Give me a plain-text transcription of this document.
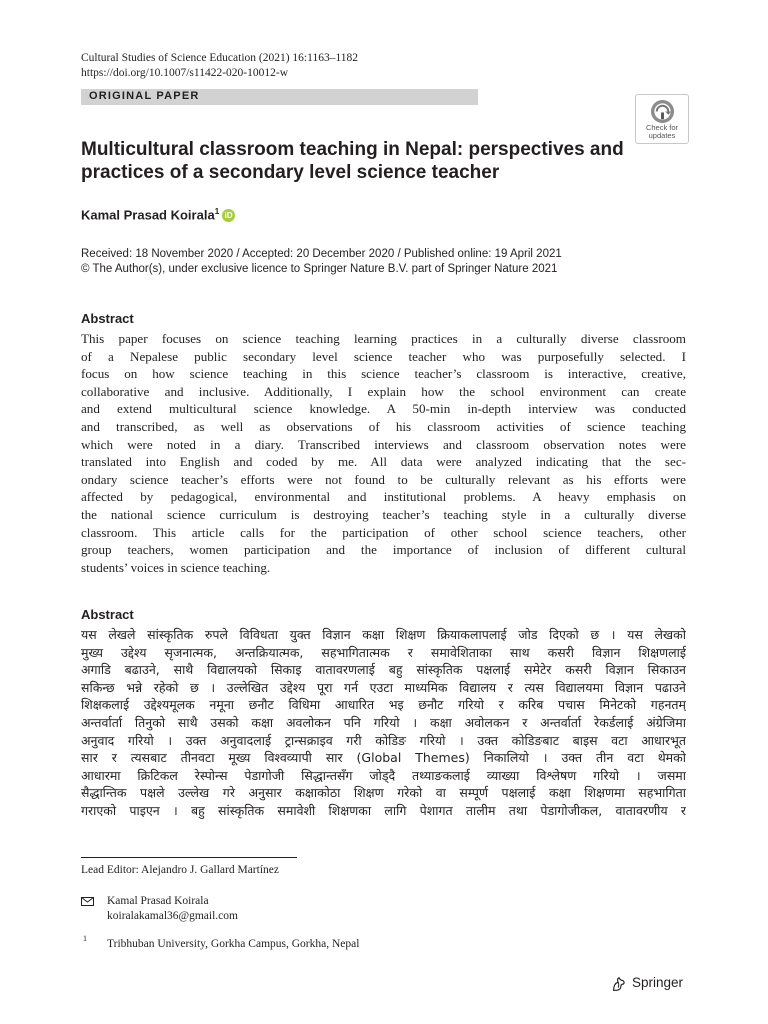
Cultural Studies of Science Education (2021) 16:1163–1182
https://doi.org/10.1007/s11422-020-10012-w
ORIGINAL PAPER
Check for
updates
Multicultural classroom teaching in Nepal: perspectives and practices of a secondary level science teacher
Kamal Prasad Koirala$^1$ iD
Received: 18 November 2020 / Accepted: 20 December 2020 / Published online: 19 April 2021
© The Author(s), under exclusive licence to Springer Nature B.V. part of Springer Nature 2021
Abstract
This paper focuses on science teaching learning practices in a culturally diverse classroom
of a Nepalese public secondary level science teacher who was purposefully selected. I
focus on how science teaching in this science teacher’s classroom is interactive, creative,
collaborative and inclusive. Additionally, I explain how the school environment can create
and extend multicultural science knowledge. A 50-min in-depth interview was conducted
and transcribed, as well as observations of his classroom activities of science teaching
which were noted in a diary. Transcribed interviews and classroom observation notes were
translated into English and coded by me. All data were analyzed indicating that the sec-
ondary science teacher’s efforts were not found to be culturally relevant as his efforts were
affected by pedagogical, environmental and institutional problems. A heavy emphasis on
the national science curriculum is destroying teacher’s teaching style in a culturally diverse
classroom. This article calls for the participation of other school science teachers, other
group teachers, women participation and the importance of inclusion of different cultural
students’ voices in science teaching.
Abstract
यस लेखले सांस्कृतिक रुपले विविधता युक्त विज्ञान कक्षा शिक्षण क्रियाकलापलाई जोड दिएको छ । यस लेखको
मुख्य उद्देश्य सृजनात्मक, अन्तक्रियात्मक, सहभागितात्मक र समावेशिताका साथ कसरी विज्ञान शिक्षणलाई
अगाडि बढाउने, साथै विद्यालयको सिकाइ वातावरणलाई बहु सांस्कृतिक पक्षलाई समेटेर कसरी विज्ञान सिकाउन
सकिन्छ भन्ने रहेको छ । उल्लेखित उद्देश्य पूरा गर्न एउटा माध्यमिक विद्यालय र त्यस विद्यालयमा विज्ञान पढाउने
शिक्षकलाई उद्देश्यमूलक नमूना छनौट विधिमा आधारित भइ छनौट गरियो र करिब पचास मिनेटको गहनतम्
अन्तर्वार्ता तिनुको साथै उसको कक्षा अवलोकन पनि गरियो । कक्षा अवोलकन र अन्तर्वार्ता रेकर्डलाई अंग्रेजिमा
अनुवाद गरियो । उक्त अनुवादलाई ट्रान्सक्राइव गरी कोडिङ गरियो । उक्त कोडिङबाट बाइस वटा आधारभूत
सार र त्यसबाट तीनवटा मूख्य विश्वव्यापी सार (Global Themes) निकालियो । उक्त तीन वटा थेमको
आधारमा क्रिटिकल रेस्पोन्स पेडागोजी सिद्धान्तसँग जोड्दै तथ्याङकलाई व्याख्या विश्लेषण गरियो । जसमा
सैद्धान्तिक पक्षले उल्लेख गरे अनुसार कक्षाकोठा शिक्षण गरेको वा सम्पूर्ण पक्षलाई कक्षा शिक्षणमा सहभागिता
गराएको पाइएन । बहु सांस्कृतिक समावेशी शिक्षणका लागि पेशागत तालीम तथा पेडागोजीकल, वातावरणीय र
Lead Editor: Alejandro J. Gallard Martínez
Kamal Prasad Koirala
koiralakamal36@gmail.com
1 Tribhuban University, Gorkha Campus, Gorkha, Nepal
Springer
